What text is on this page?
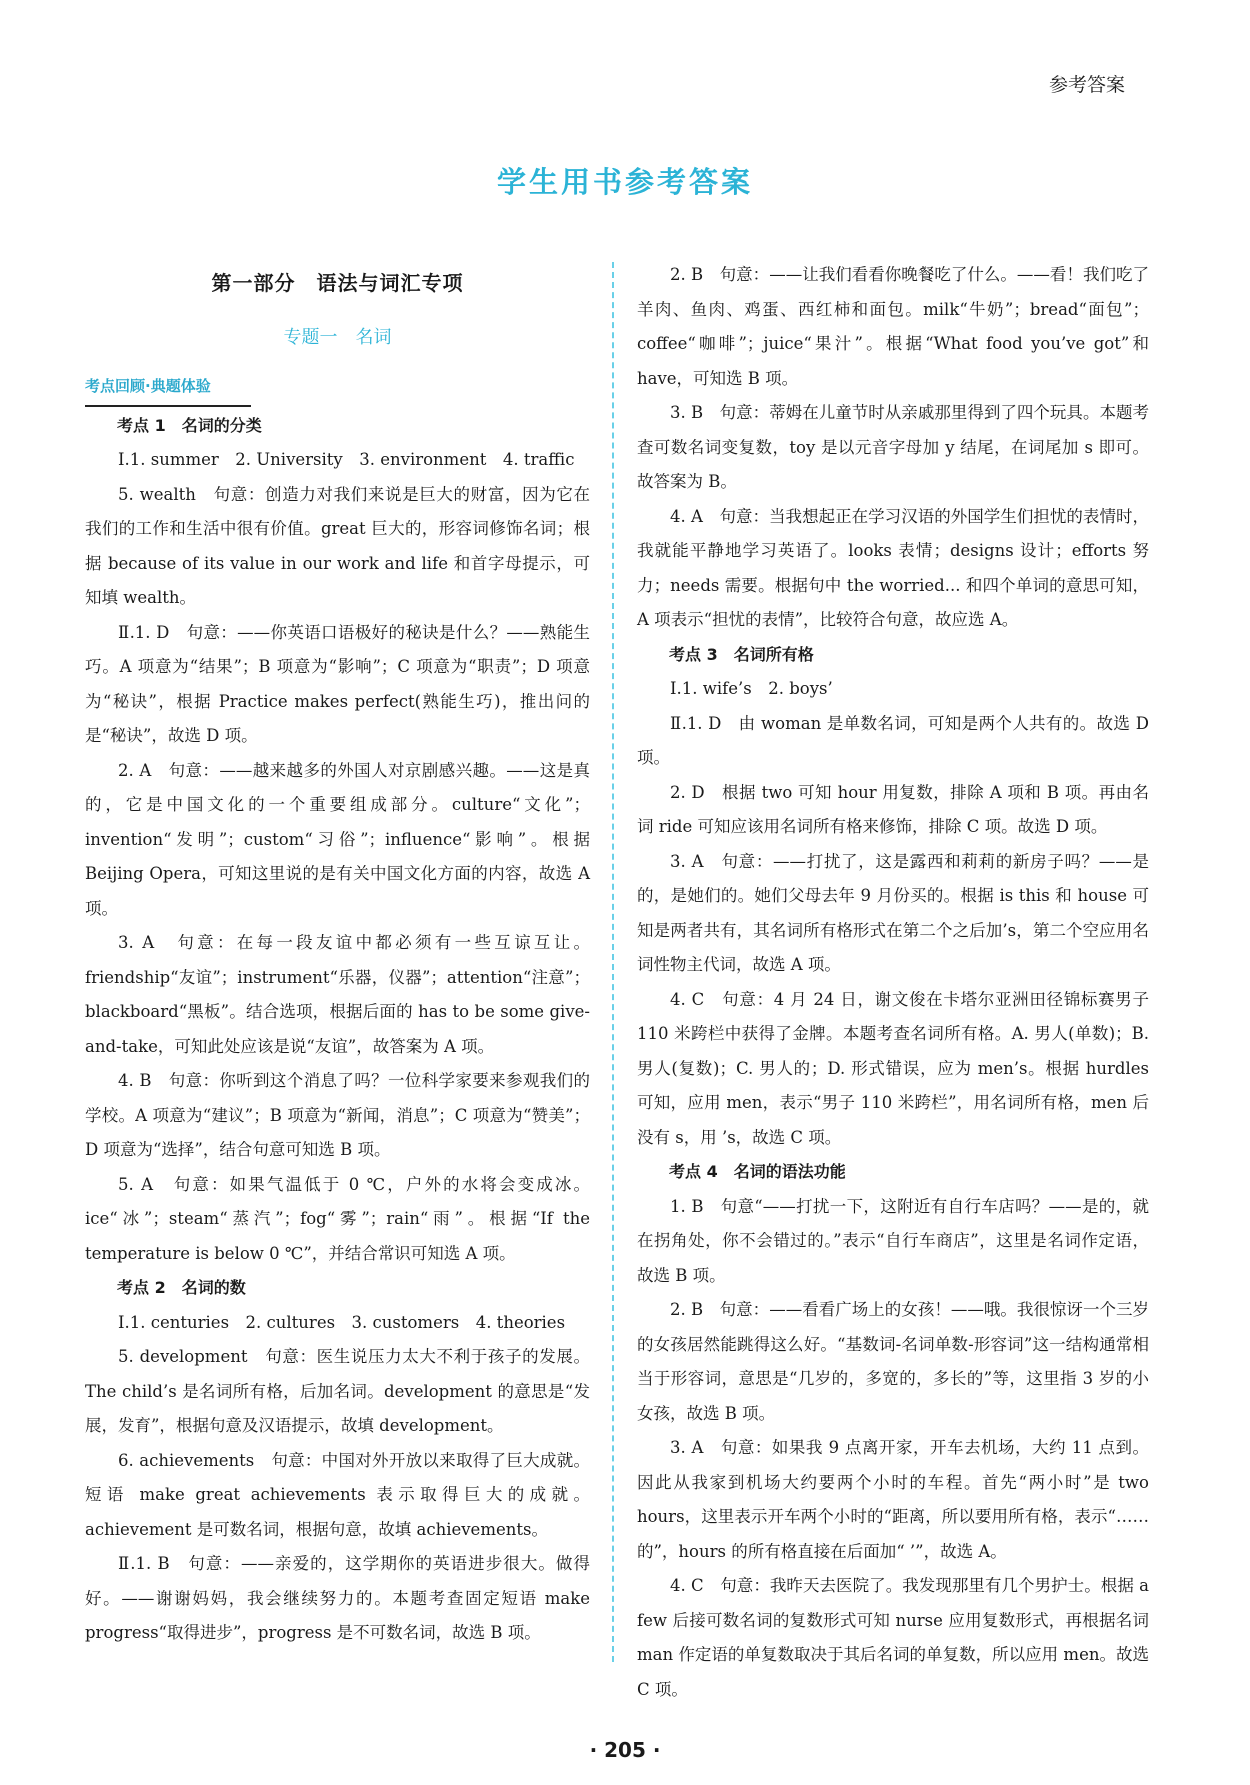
参考答案
学生用书参考答案
第一部分　语法与词汇专项
专题一　名词
考点回顾·典题体验

考点 1　名词的分类

Ⅰ.1. summer　2. University　3. environment　4. traffic

5. wealth　句意：创造力对我们来说是巨大的财富，因为它在我们的工作和生活中很有价值。great 巨大的，形容词修饰名词；根据 because of its value in our work and life 和首字母提示，可知填 wealth。

Ⅱ.1. D　句意：——你英语口语极好的秘诀是什么？——熟能生巧。A 项意为“结果”；B 项意为“影响”；C 项意为“职责”；D 项意为“秘诀”，根据 Practice makes perfect(熟能生巧)，推出问的是“秘诀”，故选 D 项。

2. A　句意：——越来越多的外国人对京剧感兴趣。——这是真的，它是中国文化的一个重要组成部分。culture“文化”；invention“发明”；custom“习俗”；influence“影响”。根据 Beijing Opera，可知这里说的是有关中国文化方面的内容，故选 A 项。

3. A　句意：在每一段友谊中都必须有一些互谅互让。friendship“友谊”；instrument“乐器，仪器”；attention“注意”；blackboard“黑板”。结合选项，根据后面的 has to be some give-and-take，可知此处应该是说“友谊”，故答案为 A 项。

4. B　句意：你听到这个消息了吗？一位科学家要来参观我们的学校。A 项意为“建议”；B 项意为“新闻，消息”；C 项意为“赞美”；D 项意为“选择”，结合句意可知选 B 项。

5. A　句意：如果气温低于 0 ℃，户外的水将会变成冰。ice“冰”；steam“蒸汽”；fog“雾”；rain“雨”。根据“If the temperature is below 0 ℃”，并结合常识可知选 A 项。

考点 2　名词的数

Ⅰ.1. centuries　2. cultures　3. customers　4. theories

5. development　句意：医生说压力太大不利于孩子的发展。The child’s 是名词所有格，后加名词。development 的意思是“发展，发育”，根据句意及汉语提示，故填 development。

6. achievements　句意：中国对外开放以来取得了巨大成就。短语 make great achievements 表示取得巨大的成就。achievement 是可数名词，根据句意，故填 achievements。

Ⅱ.1. B　句意：——亲爱的，这学期你的英语进步很大。做得好。——谢谢妈妈，我会继续努力的。本题考查固定短语 make progress“取得进步”，progress 是不可数名词，故选 B 项。

2. B　句意：——让我们看看你晚餐吃了什么。——看！我们吃了羊肉、鱼肉、鸡蛋、西红柿和面包。milk“牛奶”；bread“面包”；coffee“咖啡”；juice“果汁”。根据“What food you’ve got”和 have，可知选 B 项。

3. B　句意：蒂姆在儿童节时从亲戚那里得到了四个玩具。本题考查可数名词变复数，toy 是以元音字母加 y 结尾，在词尾加 s 即可。故答案为 B。

4. A　句意：当我想起正在学习汉语的外国学生们担忧的表情时，我就能平静地学习英语了。looks 表情；designs 设计；efforts 努力；needs 需要。根据句中 the worried... 和四个单词的意思可知，A 项表示“担忧的表情”，比较符合句意，故应选 A。

考点 3　名词所有格

Ⅰ.1. wife’s　2. boys’

Ⅱ.1. D　由 woman 是单数名词，可知是两个人共有的。故选 D 项。

2. D　根据 two 可知 hour 用复数，排除 A 项和 B 项。再由名词 ride 可知应该用名词所有格来修饰，排除 C 项。故选 D 项。

3. A　句意：——打扰了，这是露西和莉莉的新房子吗？——是的，是她们的。她们父母去年 9 月份买的。根据 is this 和 house 可知是两者共有，其名词所有格形式在第二个之后加’s，第二个空应用名词性物主代词，故选 A 项。

4. C　句意：4 月 24 日，谢文俊在卡塔尔亚洲田径锦标赛男子 110 米跨栏中获得了金牌。本题考查名词所有格。A. 男人(单数)；B. 男人(复数)；C. 男人的；D. 形式错误，应为 men’s。根据 hurdles 可知，应用 men，表示“男子 110 米跨栏”，用名词所有格，men 后没有 s，用 ’s，故选 C 项。

考点 4　名词的语法功能

1. B　句意“——打扰一下，这附近有自行车店吗？——是的，就在拐角处，你不会错过的。”表示“自行车商店”，这里是名词作定语，故选 B 项。

2. B　句意：——看看广场上的女孩！——哦。我很惊讶一个三岁的女孩居然能跳得这么好。“基数词-名词单数-形容词”这一结构通常相当于形容词，意思是“几岁的，多宽的，多长的”等，这里指 3 岁的小女孩，故选 B 项。

3. A　句意：如果我 9 点离开家，开车去机场，大约 11 点到。因此从我家到机场大约要两个小时的车程。首先“两小时”是 two hours，这里表示开车两个小时的“距离，所以要用所有格，表示“……的”，hours 的所有格直接在后面加“ ’”，故选 A。

4. C　句意：我昨天去医院了。我发现那里有几个男护士。根据 a few 后接可数名词的复数形式可知 nurse 应用复数形式，再根据名词 man 作定语的单复数取决于其后名词的单复数，所以应用 men。故选 C 项。

· 205 ·
